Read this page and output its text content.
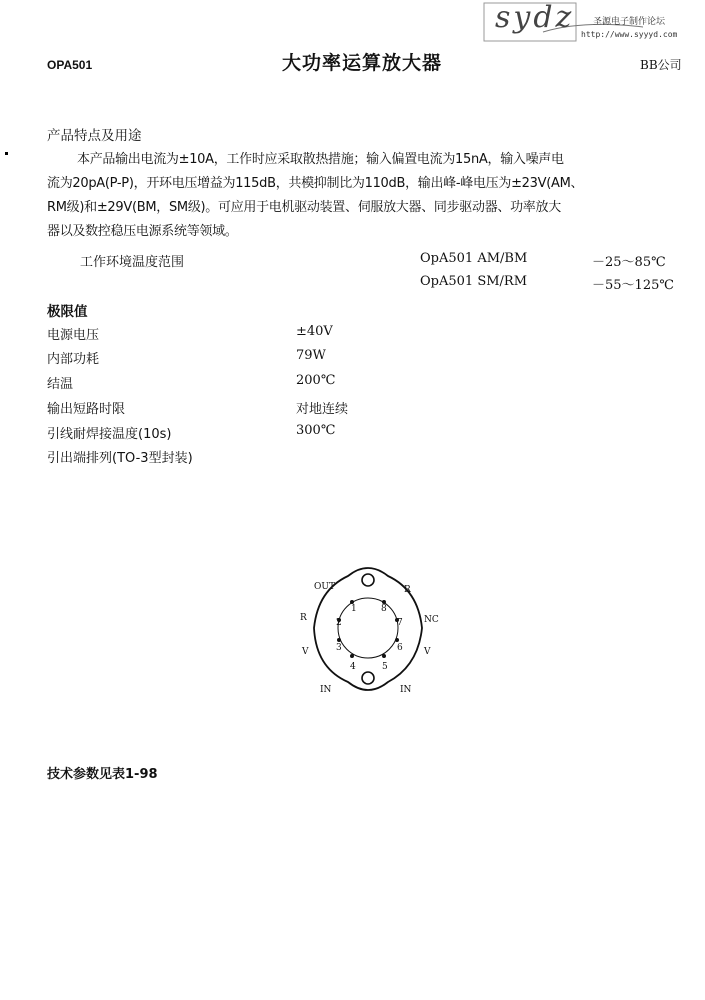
OPA501	大功率运算放大器	BB公司
sydz 圣源电子制作论坛
http://www.syyyd.com
产品特点及用途
本产品输出电流为±10A，工作时应采取散热措施；输入偏置电流为15nA，输入噪声电
流为20pA(P-P)，开环电压增益为115dB，共模抑制比为110dB，输出峰-峰电压为±23V(AM、
RM级)和±29V(BM，SM级)。可应用于电机驱动装置、伺服放大器、同步驱动器、功率放大
器以及数控稳压电源系统等领域。
工作环境温度范围	OpA501 AM/BM	－25～85℃
OpA501 SM/RM	－55～125℃
极限值
电源电压	±40V
内部功耗	79W
结温	200℃
输出短路时限	对地连续
引线耐焊接温度(10s)	300℃
引出端排列(TO-3型封装)
1	8
2	7
3	6
4	5
OUT	R
NC
V
IN
IN
V
R
技术参数见表1-98
